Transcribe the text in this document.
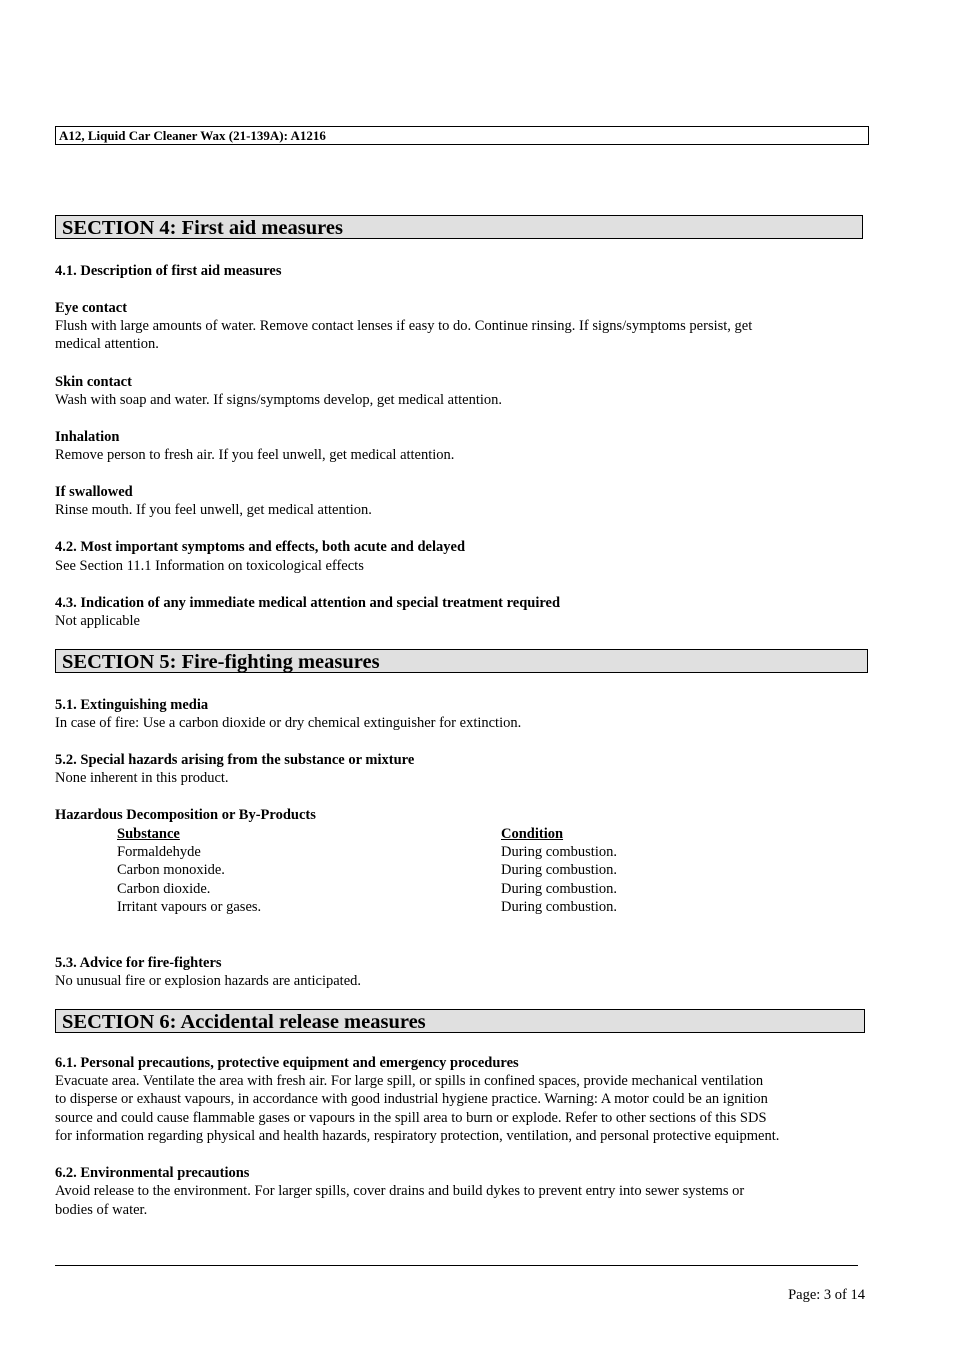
A12, Liquid Car Cleaner Wax (21-139A): A1216
SECTION 4: First aid measures
4.1. Description of first aid measures
Eye contact
Flush with large amounts of water. Remove contact lenses if easy to do. Continue rinsing. If signs/symptoms persist, get
medical attention.
Skin contact
Wash with soap and water. If signs/symptoms develop, get medical attention.
Inhalation
Remove person to fresh air. If you feel unwell, get medical attention.
If swallowed
Rinse mouth. If you feel unwell, get medical attention.
4.2. Most important symptoms and effects, both acute and delayed
See Section 11.1 Information on toxicological effects
4.3. Indication of any immediate medical attention and special treatment required
Not applicable
SECTION 5: Fire-fighting measures
5.1. Extinguishing media
In case of fire: Use a carbon dioxide or dry chemical extinguisher for extinction.
5.2. Special hazards arising from the substance or mixture
None inherent in this product.
Hazardous Decomposition or By-Products
Substance	Condition
Formaldehyde	During combustion.
Carbon monoxide.	During combustion.
Carbon dioxide.	During combustion.
Irritant vapours or gases.	During combustion.
5.3. Advice for fire-fighters
No unusual fire or explosion hazards are anticipated.
SECTION 6: Accidental release measures
6.1. Personal precautions, protective equipment and emergency procedures
Evacuate area. Ventilate the area with fresh air. For large spill, or spills in confined spaces, provide mechanical ventilation
to disperse or exhaust vapours, in accordance with good industrial hygiene practice. Warning: A motor could be an ignition
source and could cause flammable gases or vapours in the spill area to burn or explode. Refer to other sections of this SDS
for information regarding physical and health hazards, respiratory protection, ventilation, and personal protective equipment.
6.2. Environmental precautions
Avoid release to the environment. For larger spills, cover drains and build dykes to prevent entry into sewer systems or
bodies of water.
Page: 3 of 14
